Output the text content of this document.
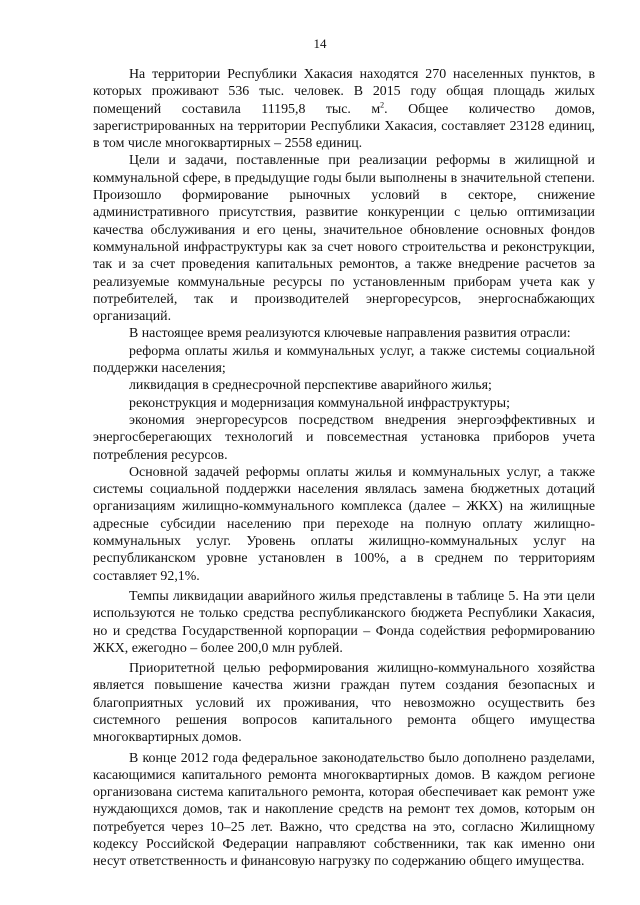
14

На территории Республики Хакасия находятся 270 населенных пунктов, в которых проживают 536 тыс. человек. В 2015 году общая площадь жилых помещений составила 11195,8 тыс. $м^2$. Общее количество домов, зарегистрированных на территории Республики Хакасия, составляет 23128 единиц, в том числе многоквартирных – 2558 единиц.

Цели и задачи, поставленные при реализации реформы в жилищной и коммунальной сфере, в предыдущие годы были выполнены в значительной степени. Произошло формирование рыночных условий в секторе, снижение административного присутствия, развитие конкуренции с целью оптимизации качества обслуживания и его цены, значительное обновление основных фондов коммунальной инфраструктуры как за счет нового строительства и реконструкции, так и за счет проведения капитальных ремонтов, а также внедрение расчетов за реализуемые коммунальные ресурсы по установленным приборам учета как у потребителей, так и производителей энергоресурсов, энергоснабжающих организаций.

В настоящее время реализуются ключевые направления развития отрасли:

реформа оплаты жилья и коммунальных услуг, а также системы социальной поддержки населения;

ликвидация в среднесрочной перспективе аварийного жилья;

реконструкция и модернизация коммунальной инфраструктуры;

экономия энергоресурсов посредством внедрения энергоэффективных и энергосберегающих технологий и повсеместная установка приборов учета потребления ресурсов.

Основной задачей реформы оплаты жилья и коммунальных услуг, а также системы социальной поддержки населения являлась замена бюджетных дотаций организациям жилищно-коммунального комплекса (далее – ЖКХ) на жилищные адресные субсидии населению при переходе на полную оплату жилищно-коммунальных услуг. Уровень оплаты жилищно-коммунальных услуг на республиканском уровне установлен в 100%, а в среднем по территориям составляет 92,1%.

Темпы ликвидации аварийного жилья представлены в таблице 5. На эти цели используются не только средства республиканского бюджета Республики Хакасия, но и средства Государственной корпорации – Фонда содействия реформированию ЖКХ, ежегодно – более 200,0 млн рублей.

Приоритетной целью реформирования жилищно-коммунального хозяйства является повышение качества жизни граждан путем создания безопасных и благоприятных условий их проживания, что невозможно осуществить без системного решения вопросов капитального ремонта общего имущества многоквартирных домов.

В конце 2012 года федеральное законодательство было дополнено разделами, касающимися капитального ремонта многоквартирных домов. В каждом регионе организована система капитального ремонта, которая обеспечивает как ремонт уже нуждающихся домов, так и накопление средств на ремонт тех домов, которым он потребуется через 10–25 лет. Важно, что средства на это, согласно Жилищному кодексу Российской Федерации направляют собственники, так как именно они несут ответственность и финансовую нагрузку по содержанию общего имущества.
